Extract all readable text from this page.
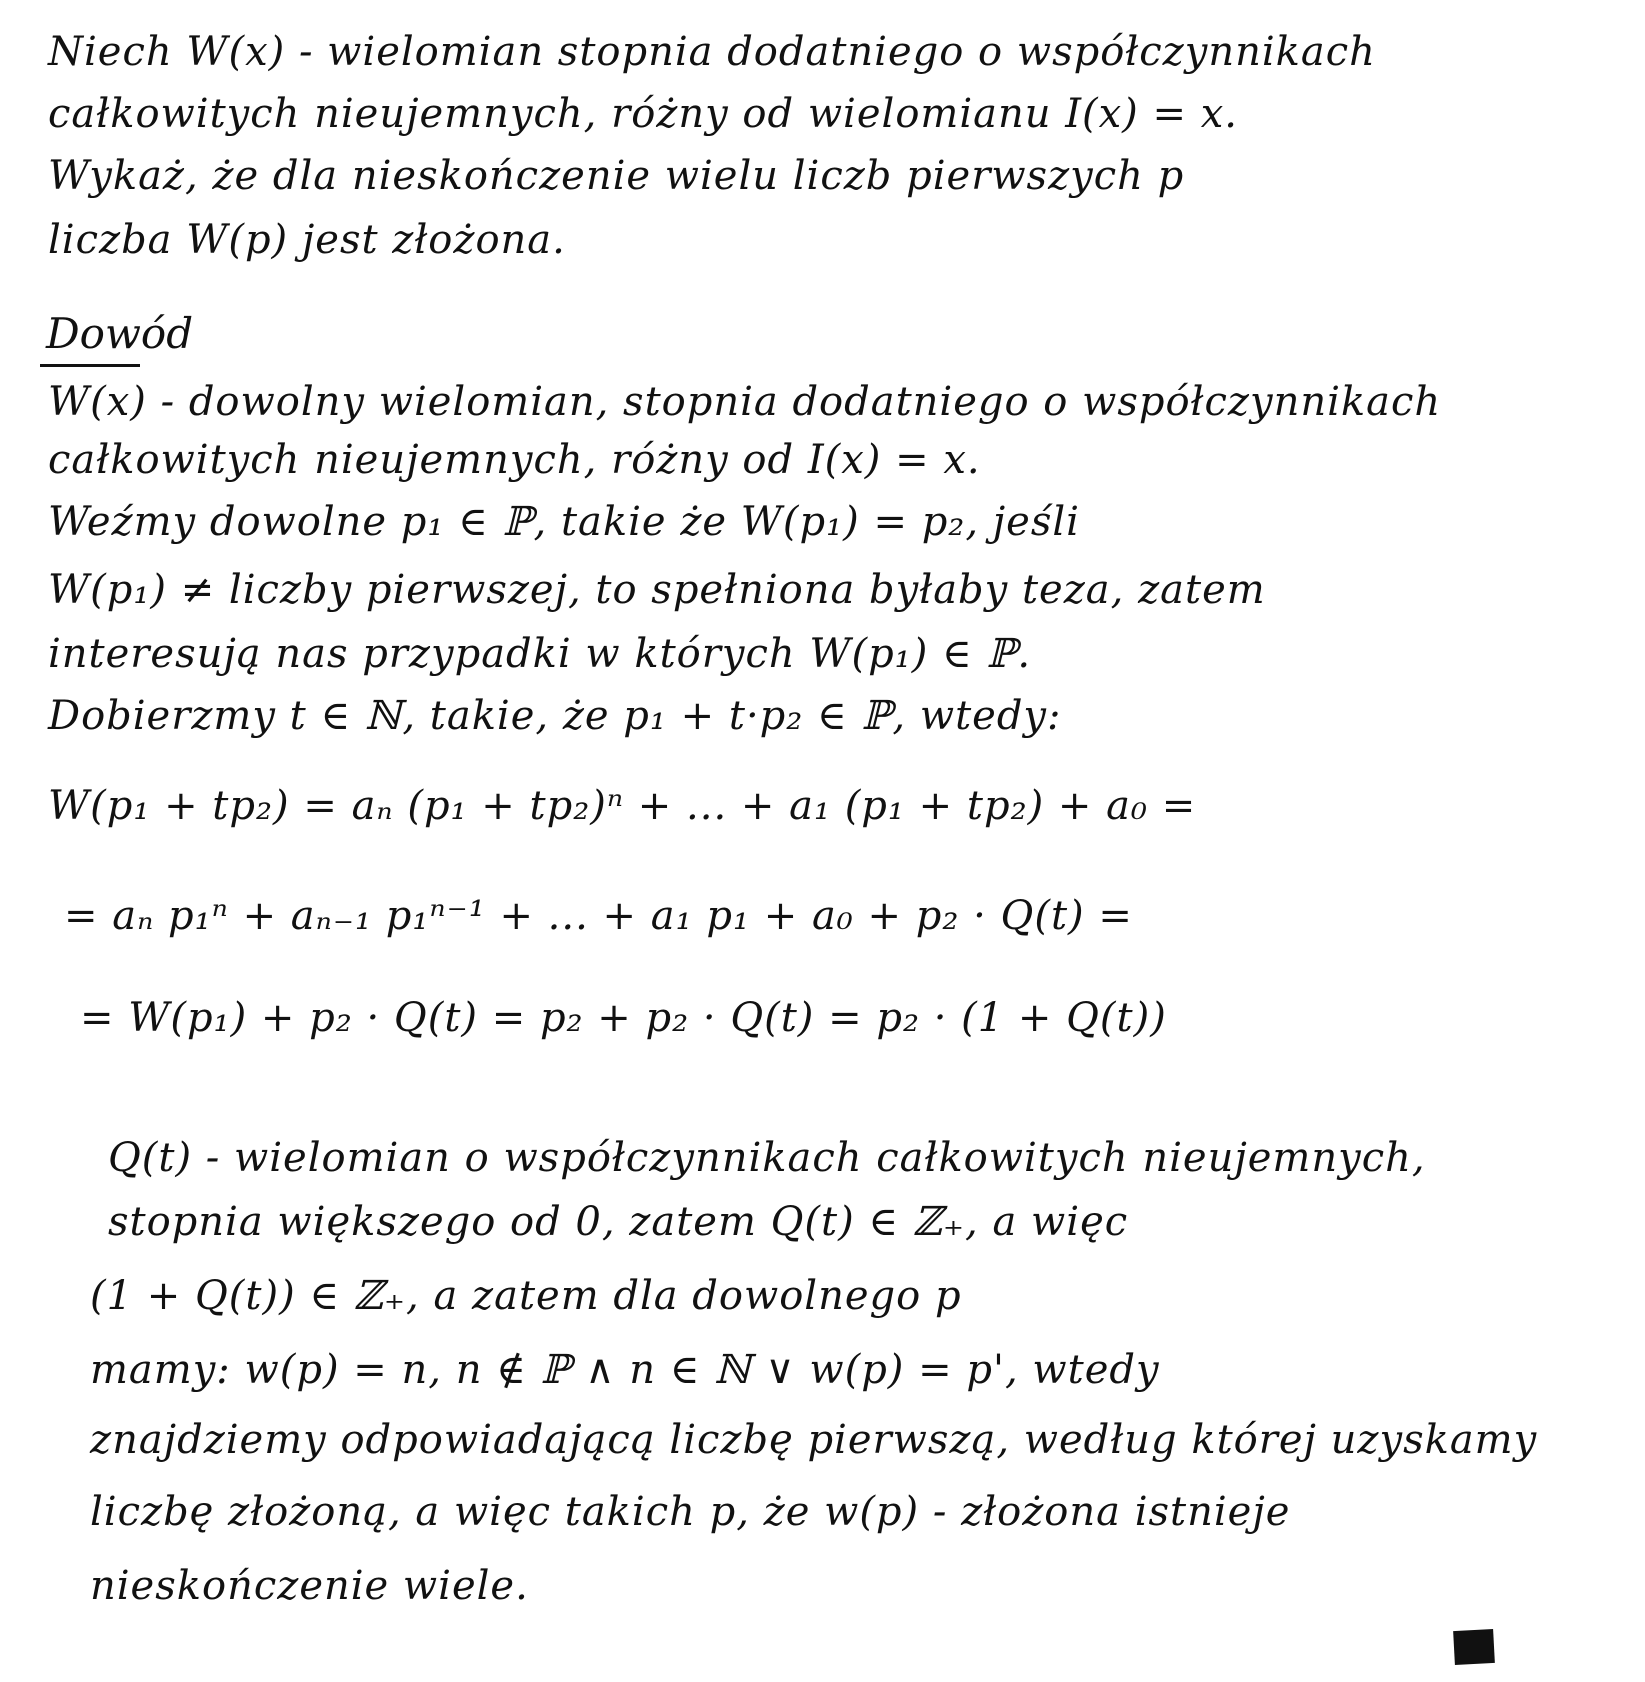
Niech W(x) - wielomian stopnia dodatniego o współczynnikach
całkowitych nieujemnych, różny od wielomianu I(x) = x.
Wykaż, że dla nieskończenie wielu liczb pierwszych p
liczba W(p) jest złożona.
Dowód
W(x) - dowolny wielomian, stopnia dodatniego o współczynnikach
całkowitych nieujemnych, różny od I(x) = x.
Weźmy dowolne p₁ ∈ ℙ, takie że W(p₁) = p₂, jeśli
W(p₁) ≠ liczby pierwszej, to spełniona byłaby teza, zatem
interesują nas przypadki w których W(p₁) ∈ ℙ.
Dobierzmy t ∈ ℕ, takie, że p₁ + t·p₂ ∈ ℙ, wtedy:
W(p₁ + tp₂) = aₙ (p₁ + tp₂)ⁿ + ... + a₁ (p₁ + tp₂) + a₀ =
= aₙ p₁ⁿ + aₙ₋₁ p₁ⁿ⁻¹ + ... + a₁ p₁ + a₀ + p₂ · Q(t) =
= W(p₁) + p₂ · Q(t) = p₂ + p₂ · Q(t) = p₂ · (1 + Q(t))
Q(t) - wielomian o współczynnikach całkowitych nieujemnych,
stopnia większego od 0, zatem Q(t) ∈ ℤ₊, a więc
(1 + Q(t)) ∈ ℤ₊, a zatem dla dowolnego p
mamy: w(p) = n, n ∉ ℙ ∧ n ∈ ℕ ∨ w(p) = p', wtedy
znajdziemy odpowiadającą liczbę pierwszą, według której uzyskamy
liczbę złożoną, a więc takich p, że w(p) - złożona istnieje
nieskończenie wiele.
